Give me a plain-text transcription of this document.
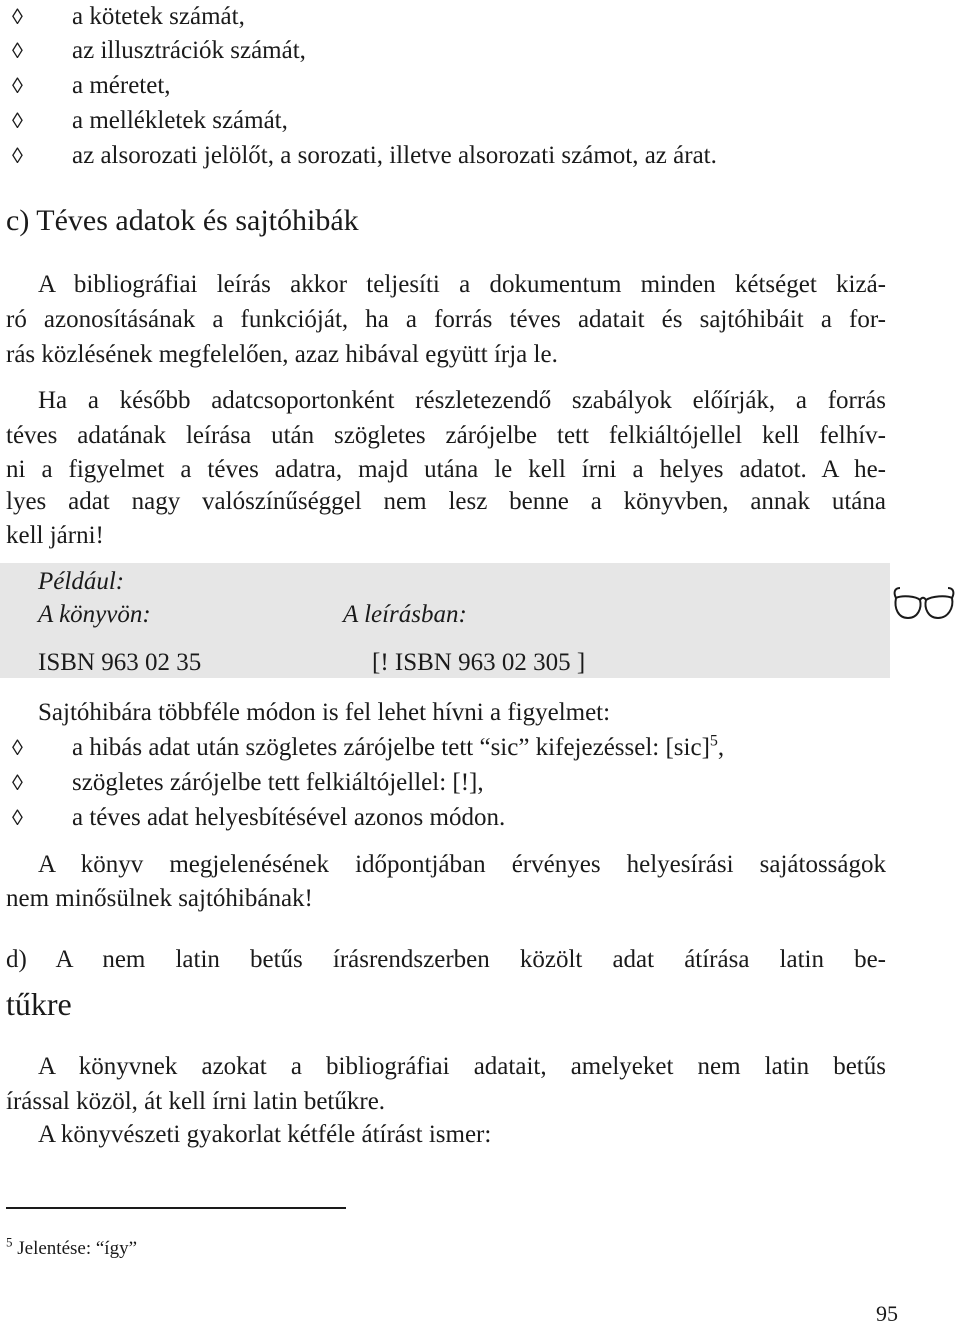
◊ a kötetek számát,
◊ az illusztrációk számát,
◊ a méretet,
◊ a mellékletek számát,
◊ az alsorozati jelölőt, a sorozati, illetve alsorozati számot, az árat.
c) Téves adatok és sajtóhibák
A bibliográfiai leírás akkor teljesíti a dokumentum minden kétséget kizá-
ró azonosításának a funkcióját, ha a forrás téves adatait és sajtóhibáit a for-
rás közlésének megfelelően, azaz hibával együtt írja le.
Ha a később adatcsoportonként részletezendő szabályok előírják, a forrás
téves adatának leírása után szögletes zárójelbe tett felkiáltójellel kell felhív-
ni a figyelmet a téves adatra, majd utána le kell írni a helyes adatot. A he-
lyes adat nagy valószínűséggel nem lesz benne a könyvben, annak utána
kell járni!
Például:
A könyvön:	A leírásban:
ISBN 963 02 35	[! ISBN 963 02 305 ]
Sajtóhibára többféle módon is fel lehet hívni a figyelmet:
◊ a hibás adat után szögletes zárójelbe tett “sic” kifejezéssel: [sic]$^5$,
◊ szögletes zárójelbe tett felkiáltójellel: [!],
◊ a téves adat helyesbítésével azonos módon.
A könyv megjelenésének időpontjában érvényes helyesírási sajátosságok
nem minősülnek sajtóhibának!
d) A nem latin betűs írásrendszerben közölt adat átírása latin be-
tűkre
A könyvnek azokat a bibliográfiai adatait, amelyeket nem latin betűs
írással közöl, át kell írni latin betűkre.
A könyvészeti gyakorlat kétféle átírást ismer:
$^5$ Jelentése: “így”
95
